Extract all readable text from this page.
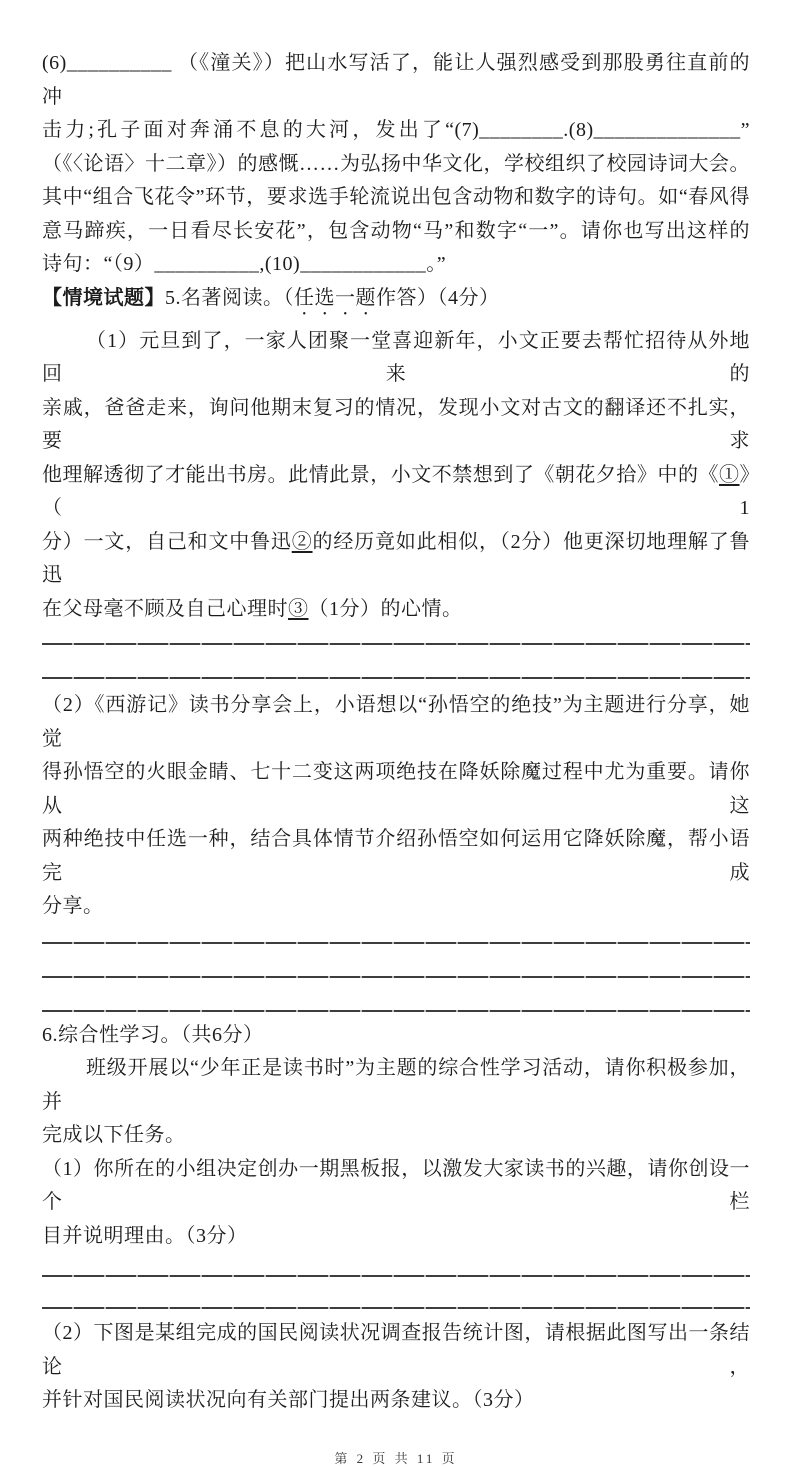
(6)__________ （《潼关》）把山水写活了，能让人强烈感受到那股勇往直前的冲
击力;孔子面对奔涌不息的大河，发出了“(7)________.(8)______________”
（《〈论语〉十二章》）的感慨……为弘扬中华文化，学校组织了校园诗词大会。
其中“组合飞花令”环节，要求选手轮流说出包含动物和数字的诗句。如“春风得
意马蹄疾，一日看尽长安花”，包含动物“马”和数字“一”。请你也写出这样的
诗句：“（9）__________,(10)____________。”
【情境试题】5.名著阅读。（任选一题作答）（4分）
（1）元旦到了，一家人团聚一堂喜迎新年，小文正要去帮忙招待从外地回来的
亲戚，爸爸走来，询问他期末复习的情况，发现小文对古文的翻译还不扎实，要求
他理解透彻了才能出书房。此情此景，小文不禁想到了《朝花夕拾》中的《①》（1
分）一文，自己和文中鲁迅②的经历竟如此相似，（2分）他更深切地理解了鲁迅
在父母毫不顾及自己心理时③（1分）的心情。
（2）《西游记》读书分享会上，小语想以“孙悟空的绝技”为主题进行分享，她觉
得孙悟空的火眼金睛、七十二变这两项绝技在降妖除魔过程中尤为重要。请你从这
两种绝技中任选一种，结合具体情节介绍孙悟空如何运用它降妖除魔，帮小语完成
分享。
6.综合性学习。（共6分）
班级开展以“少年正是读书时”为主题的综合性学习活动，请你积极参加，并
完成以下任务。
（1）你所在的小组决定创办一期黑板报，以激发大家读书的兴趣，请你创设一个栏
目并说明理由。（3分）
（2）下图是某组完成的国民阅读状况调查报告统计图，请根据此图写出一条结论，
并针对国民阅读状况向有关部门提出两条建议。（3分）
第 2 页 共 11 页
